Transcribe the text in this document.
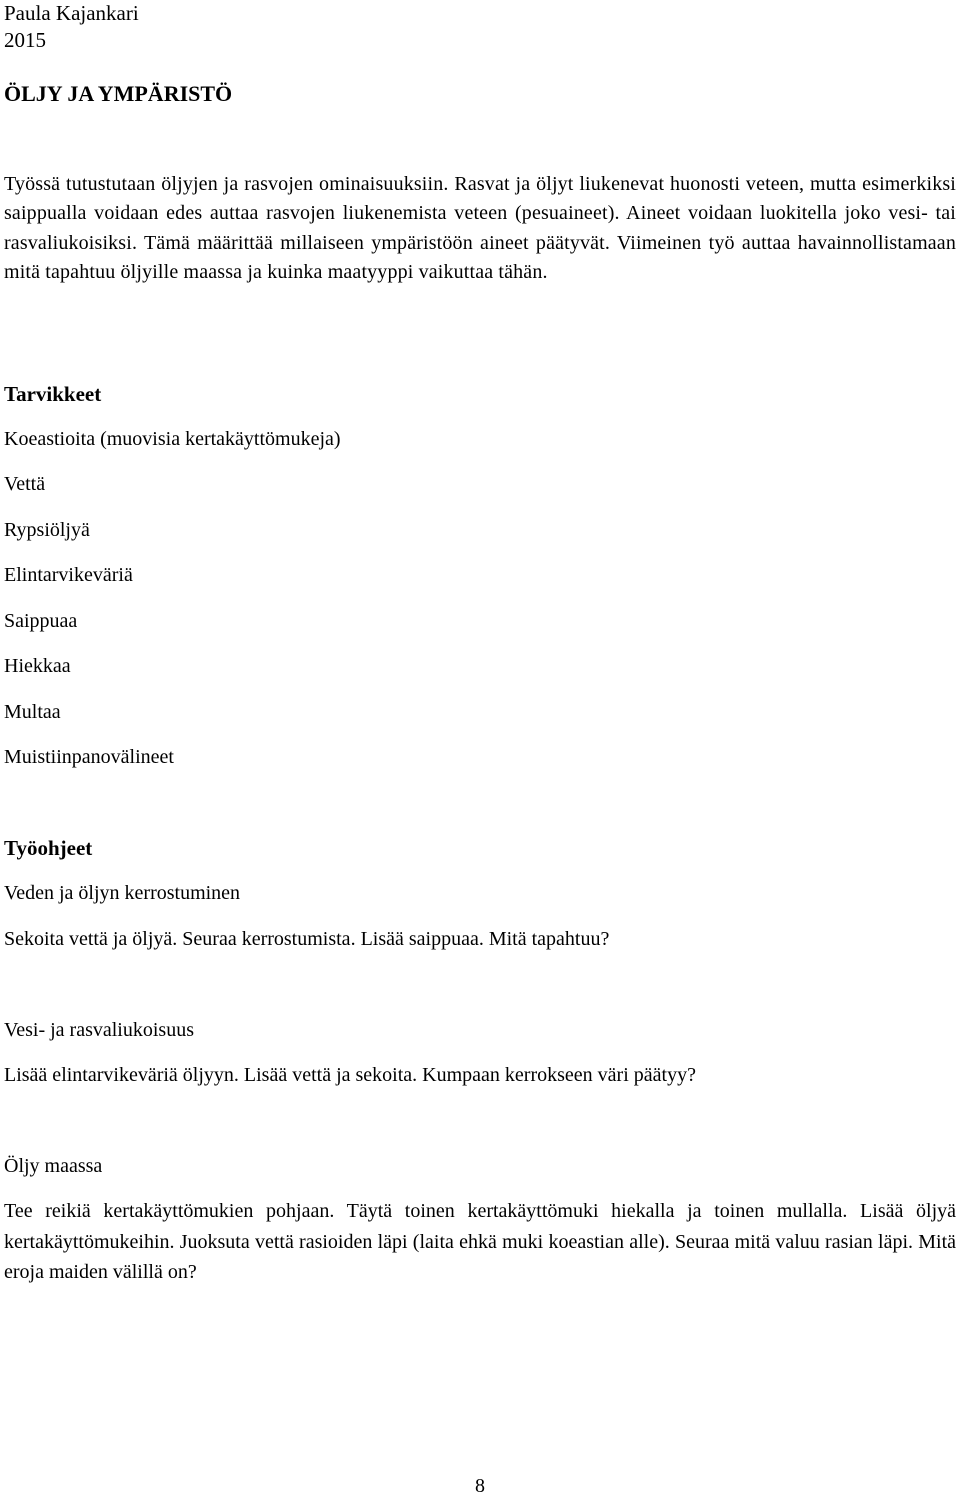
Paula Kajankari

2015

ÖLJY JA YMPÄRISTÖ

Työssä tutustutaan öljyjen ja rasvojen ominaisuuksiin. Rasvat ja öljyt liukenevat huonosti veteen, mutta esimerkiksi saippualla voidaan edes auttaa rasvojen liukenemista veteen (pesuaineet). Aineet voidaan luokitella joko vesi- tai rasvaliukoisiksi. Tämä määrittää millaiseen ympäristöön aineet päätyvät. Viimeinen työ auttaa havainnollistamaan mitä tapahtuu öljyille maassa ja kuinka maatyyppi vaikuttaa tähän.

Tarvikkeet

Koeastioita (muovisia kertakäyttömukeja)

Vettä

Rypsiöljyä

Elintarvikeväriä

Saippuaa

Hiekkaa

Multaa

Muistiinpanovälineet

Työohjeet

Veden ja öljyn kerrostuminen

Sekoita vettä ja öljyä. Seuraa kerrostumista. Lisää saippuaa. Mitä tapahtuu?

Vesi- ja rasvaliukoisuus

Lisää elintarvikeväriä öljyyn. Lisää vettä ja sekoita. Kumpaan kerrokseen väri päätyy?

Öljy maassa

Tee reikiä kertakäyttömukien pohjaan. Täytä toinen kertakäyttömuki hiekalla ja toinen mullalla. Lisää öljyä kertakäyttömukeihin. Juoksuta vettä rasioiden läpi (laita ehkä muki koeastian alle). Seuraa mitä valuu rasian läpi. Mitä eroja maiden välillä on?

8
